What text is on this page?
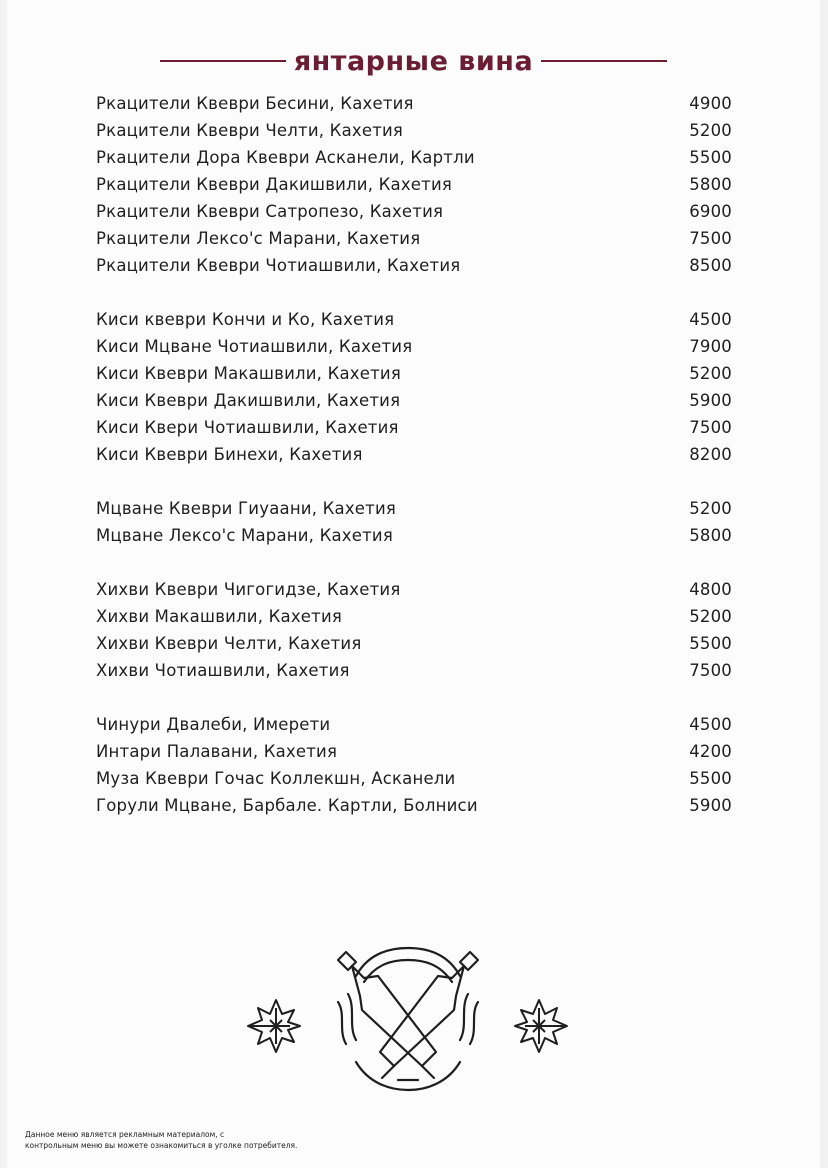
янтарные вина
Ркацители Квеври Бесини, Кахетия	4900
Ркацители Квеври Челти, Кахетия	5200
Ркацители Дора Квеври Асканели, Картли	5500
Ркацители Квеври Дакишвили, Кахетия	5800
Ркацители Квеври Сатропезо, Кахетия	6900
Ркацители Лексо'с Марани, Кахетия	7500
Ркацители Квеври Чотиашвили, Кахетия	8500
Киси квеври Кончи и Ко, Кахетия	4500
Киси Мцване Чотиашвили, Кахетия	7900
Киси Квеври Макашвили, Кахетия	5200
Киси Квеври Дакишвили, Кахетия	5900
Киси Квери Чотиашвили, Кахетия	7500
Киси Квеври Бинехи, Кахетия	8200
Мцване Квеври Гиуаани, Кахетия	5200
Мцване Лексо'с Марани, Кахетия	5800
Хихви Квеври Чигогидзе, Кахетия	4800
Хихви Макашвили, Кахетия	5200
Хихви Квеври Челти, Кахетия	5500
Хихви Чотиашвили, Кахетия	7500
Чинури Двалеби, Имерети	4500
Интари Палавани, Кахетия	4200
Муза Квеври Гочас Коллекшн, Асканели	5500
Горули Мцване, Барбале. Картли, Болниси	5900
Данное меню является рекламным материалом, с
контрольным меню вы можете ознакомиться в уголке потребителя.
